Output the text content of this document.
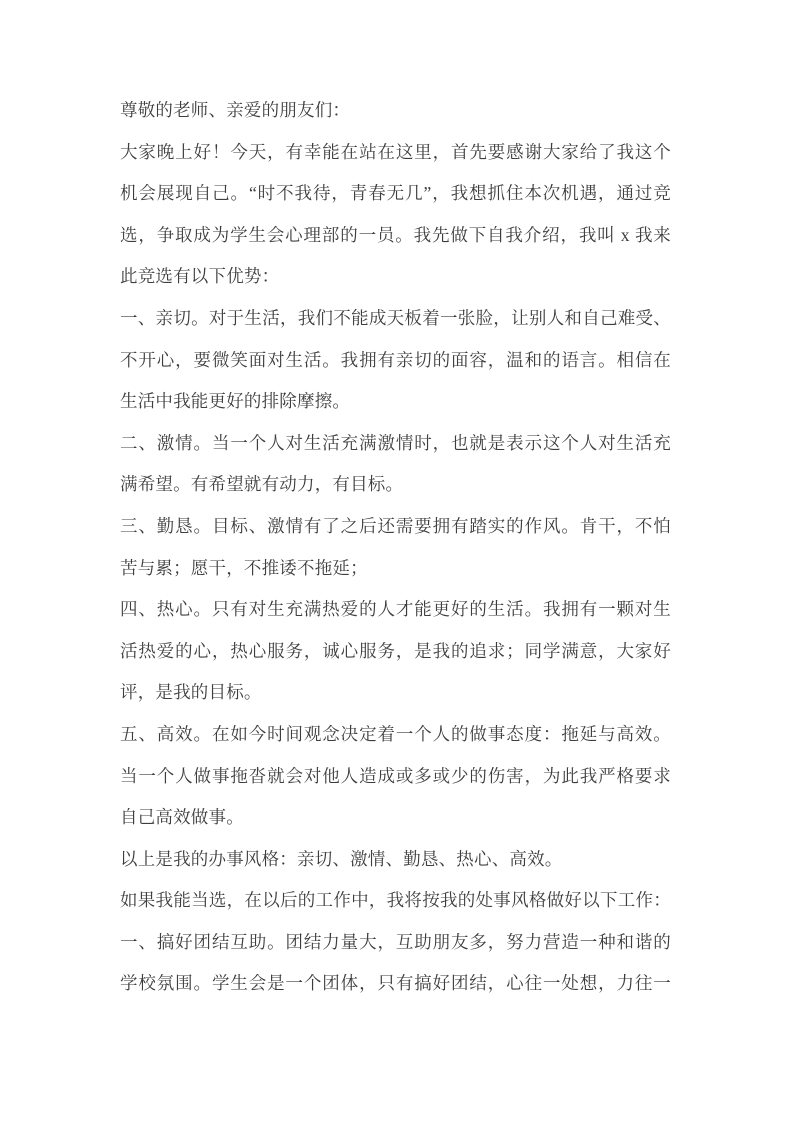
尊敬的老师、亲爱的朋友们：
大家晚上好！今天，有幸能在站在这里，首先要感谢大家给了我这个
机会展现自己。“时不我待，青春无几”，我想抓住本次机遇，通过竞
选，争取成为学生会心理部的一员。我先做下自我介绍，我叫 x 我来
此竞选有以下优势：
一、亲切。对于生活，我们不能成天板着一张脸，让别人和自己难受、
不开心，要微笑面对生活。我拥有亲切的面容，温和的语言。相信在
生活中我能更好的排除摩擦。
二、激情。当一个人对生活充满激情时，也就是表示这个人对生活充
满希望。有希望就有动力，有目标。
三、勤恳。目标、激情有了之后还需要拥有踏实的作风。肯干，不怕
苦与累；愿干，不推诿不拖延；
四、热心。只有对生充满热爱的人才能更好的生活。我拥有一颗对生
活热爱的心，热心服务，诚心服务，是我的追求；同学满意，大家好
评，是我的目标。
五、高效。在如今时间观念决定着一个人的做事态度：拖延与高效。
当一个人做事拖沓就会对他人造成或多或少的伤害，为此我严格要求
自己高效做事。
以上是我的办事风格：亲切、激情、勤恳、热心、高效。
如果我能当选，在以后的工作中，我将按我的处事风格做好以下工作：
一、搞好团结互助。团结力量大，互助朋友多，努力营造一种和谐的
学校氛围。学生会是一个团体，只有搞好团结，心往一处想，力往一
